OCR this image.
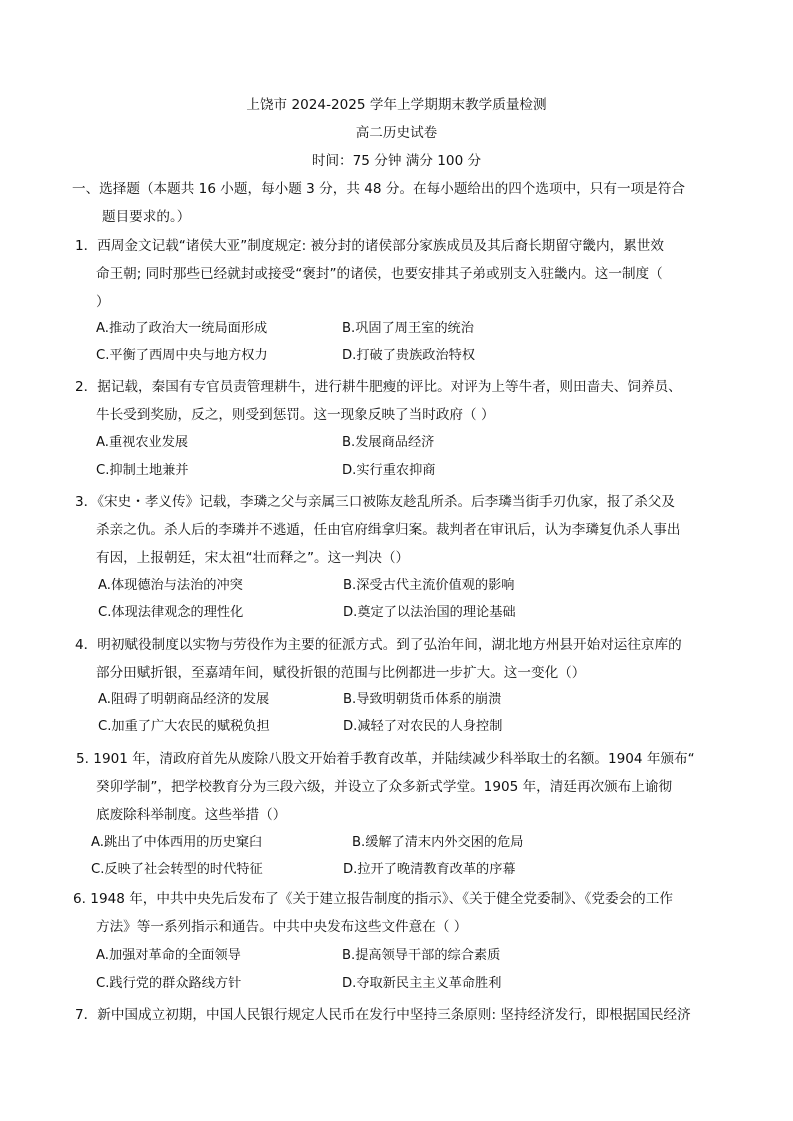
上饶市 2024-2025 学年上学期期末教学质量检测
高二历史试卷
时间：75 分钟 满分 100 分
一、选择题（本题共 16 小题，每小题 3 分，共 48 分。在每小题给出的四个选项中，只有一项是符合
题目要求的。）
1．西周金文记载“诸侯大亚”制度规定: 被分封的诸侯部分家族成员及其后裔长期留守畿内，累世效
命王朝; 同时那些已经就封或接受“褒封”的诸侯，也要安排其子弟或别支入驻畿内。这一制度（
）
A.推动了政治大一统局面形成	B.巩固了周王室的统治
C.平衡了西周中央与地方权力	D.打破了贵族政治特权
2．据记载，秦国有专官员责管理耕牛，进行耕牛肥瘦的评比。对评为上等牛者，则田啬夫、饲养员、
牛长受到奖励，反之，则受到惩罚。这一现象反映了当时政府（ ）
A.重视农业发展	B.发展商品经济
C.抑制土地兼并	D.实行重农抑商
3．《宋史・孝义传》记载，李璘之父与亲属三口被陈友趁乱所杀。后李璘当街手刃仇家，报了杀父及
杀亲之仇。杀人后的李璘并不逃遁，任由官府缉拿归案。裁判者在审讯后，认为李璘复仇杀人事出
有因，上报朝廷，宋太祖“壮而释之”。这一判决（）
A.体现德治与法治的冲突	B.深受古代主流价值观的影响
C.体现法律观念的理性化	D.奠定了以法治国的理论基础
4．明初赋役制度以实物与劳役作为主要的征派方式。到了弘治年间，湖北地方州县开始对运往京库的
部分田赋折银，至嘉靖年间，赋役折银的范围与比例都进一步扩大。这一变化（）
A.阻碍了明朝商品经济的发展	B.导致明朝货币体系的崩溃
C.加重了广大农民的赋税负担	D.减轻了对农民的人身控制
5. 1901 年，清政府首先从废除八股文开始着手教育改革，并陆续减少科举取士的名额。1904 年颁布“
癸卯学制”，把学校教育分为三段六级，并设立了众多新式学堂。1905 年，清廷再次颁布上谕彻
底废除科举制度。这些举措（）
A.跳出了中体西用的历史窠臼	B.缓解了清末内外交困的危局
C.反映了社会转型的时代特征	D.拉开了晚清教育改革的序幕
6. 1948 年，中共中央先后发布了《关于建立报告制度的指示》、《关于健全党委制》、《党委会的工作
方法》等一系列指示和通告。中共中央发布这些文件意在（ ）
A.加强对革命的全面领导	B.提高领导干部的综合素质
C.践行党的群众路线方针	D.夺取新民主主义革命胜利
7．新中国成立初期，中国人民银行规定人民币在发行中坚持三条原则: 坚持经济发行，即根据国民经济
